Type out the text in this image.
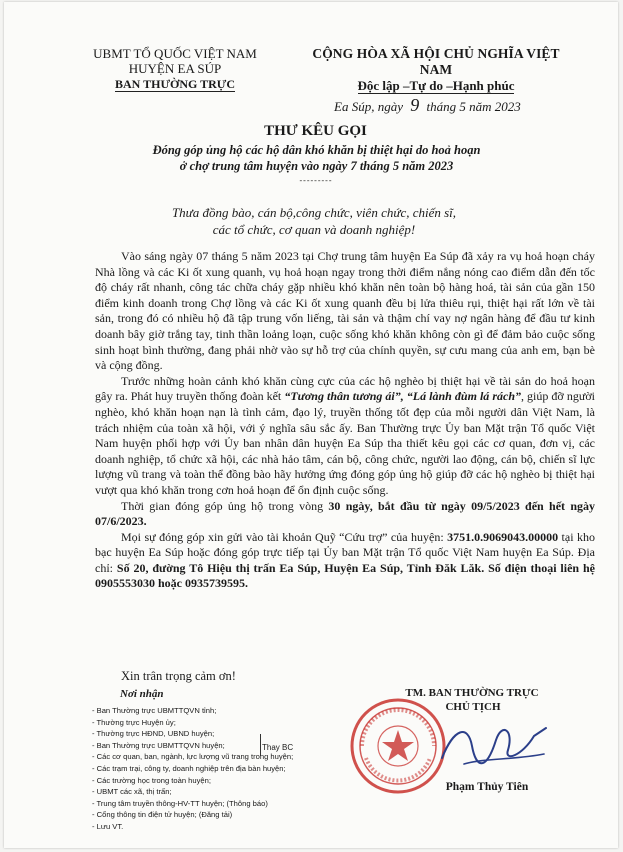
UBMT TỔ QUỐC VIỆT NAM
HUYỆN EA SÚP
BAN THƯỜNG TRỰC
CỘNG HÒA XÃ HỘI CHỦ NGHĨA VIỆT NAM
Độc lập –Tự do –Hạnh phúc
Ea Súp, ngày 9 tháng 5 năm 2023
THƯ KÊU GỌI
Đóng góp ủng hộ các hộ dân khó khăn bị thiệt hại do hoả hoạn
ở chợ trung tâm huyện vào ngày 7 tháng 5 năm 2023
---------
Thưa đồng bào, cán bộ,công chức, viên chức, chiến sĩ,
các tổ chức, cơ quan và doanh nghiệp!

Vào sáng ngày 07 tháng 5 năm 2023 tại Chợ trung tâm huyện Ea Súp đã xảy ra vụ hoả hoạn cháy Nhà lồng và các Ki ốt xung quanh, vụ hoả hoạn ngay trong thời điểm nắng nóng cao điểm dẫn đến tốc độ cháy rất nhanh, công tác chữa cháy gặp nhiều khó khăn nên toàn bộ hàng hoá, tài sản của gần 150 điểm kinh doanh trong Chợ lồng và các Ki ốt xung quanh đều bị lửa thiêu rụi, thiệt hại rất lớn về tài sản, trong đó có nhiều hộ đã tập trung vốn liếng, tài sản và thậm chí vay nợ ngân hàng để đầu tư kinh doanh bây giờ trắng tay, tinh thần loảng loạn, cuộc sống khó khăn không còn gì để đảm bảo cuộc sống sinh hoạt bình thường, đang phải nhờ vào sự hỗ trợ của chính quyền, sự cưu mang của anh em, bạn bè và cộng đồng.

Trước những hoàn cảnh khó khăn cùng cực của các hộ nghèo bị thiệt hại về tài sản do hoả hoạn gây ra. Phát huy truyền thống đoàn kết “Tương thân tương ái”, “Lá lành đùm lá rách”, giúp đỡ người nghèo, khó khăn hoạn nạn là tình cảm, đạo lý, truyền thống tốt đẹp của mỗi người dân Việt Nam, là trách nhiệm của toàn xã hội, với ý nghĩa sâu sắc ấy. Ban Thường trực Ủy ban Mặt trận Tổ quốc Việt Nam huyện phối hợp với Ủy ban nhân dân huyện Ea Súp tha thiết kêu gọi các cơ quan, đơn vị, các doanh nghiệp, tổ chức xã hội, các nhà hảo tâm, cán bộ, công chức, người lao động, cán bộ, chiến sĩ lực lượng vũ trang và toàn thể đồng bào hãy hưởng ứng đóng góp ủng hộ giúp đỡ các hộ nghèo bị thiệt hại vượt qua khó khăn trong cơn hoả hoạn để ổn định cuộc sống.

Thời gian đóng góp ủng hộ trong vòng 30 ngày, bắt đầu từ ngày 09/5/2023 đến hết ngày 07/6/2023.

Mọi sự đóng góp xin gửi vào tài khoản Quỹ “Cứu trợ” của huyện: 3751.0.9069043.00000 tại kho bạc huyện Ea Súp hoặc đóng góp trực tiếp tại Ủy ban Mặt trận Tổ quốc Việt Nam huyện Ea Súp. Địa chỉ: Số 20, đường Tô Hiệu thị trấn Ea Súp, Huyện Ea Súp, Tỉnh Đăk Lăk. Số điện thoại liên hệ 0905553030 hoặc 0935739595.

Xin trân trọng cảm ơn!
Nơi nhận
- Ban Thường trực UBMTTQVN tỉnh;
- Thường trực Huyện ủy;
- Thường trực HĐND, UBND huyện;
- Ban Thường trực UBMTTQVN huyện;
- Các cơ quan, ban, ngành, lực lượng vũ trang trong huyện;
- Các trạm trại, công ty, doanh nghiệp trên địa bàn huyện;
- Các trường học trong toàn huyện;
- UBMT các xã, thị trấn;
- Trung tâm truyền thông-HV-TT huyện; (Thông báo)
- Cổng thông tin điện tử huyện; (Đăng tải)
- Lưu VT.
Thay BC
TM. BAN THƯỜNG TRỰC
CHỦ TỊCH
Phạm Thủy Tiên
